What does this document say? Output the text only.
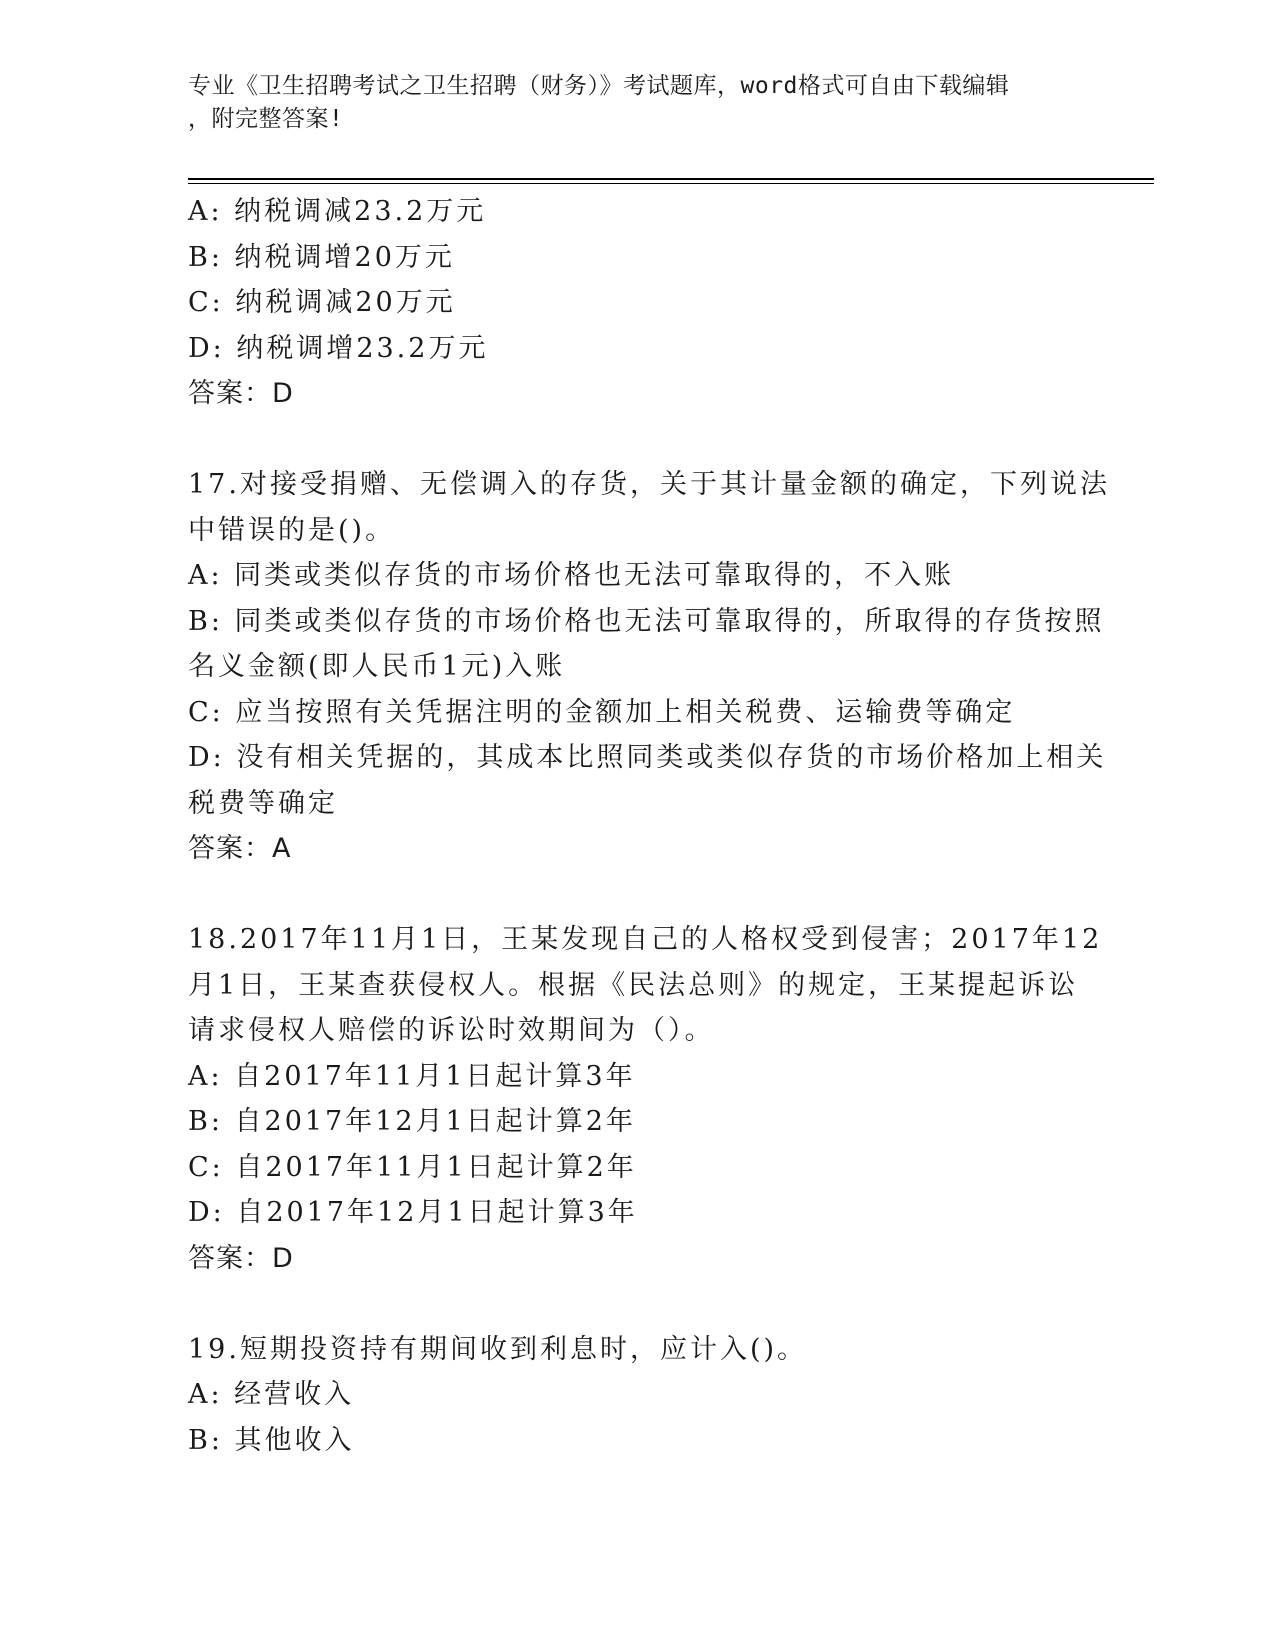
专业《卫生招聘考试之卫生招聘（财务）》考试题库，word格式可自由下载编辑
，附完整答案!
A: 纳税调减23.2万元
B: 纳税调增20万元
C: 纳税调减20万元
D: 纳税调增23.2万元
答案：D
17.对接受捐赠、无偿调入的存货，关于其计量金额的确定，下列说法
中错误的是()。
A: 同类或类似存货的市场价格也无法可靠取得的，不入账
B: 同类或类似存货的市场价格也无法可靠取得的，所取得的存货按照
名义金额(即人民币1元)入账
C: 应当按照有关凭据注明的金额加上相关税费、运输费等确定
D: 没有相关凭据的，其成本比照同类或类似存货的市场价格加上相关
税费等确定
答案：A
18.2017年11月1日，王某发现自己的人格权受到侵害；2017年12
月1日，王某查获侵权人。根据《民法总则》的规定，王某提起诉讼
请求侵权人赔偿的诉讼时效期间为（）。
A: 自2017年11月1日起计算3年
B: 自2017年12月1日起计算2年
C: 自2017年11月1日起计算2年
D: 自2017年12月1日起计算3年
答案：D
19.短期投资持有期间收到利息时，应计入()。
A: 经营收入
B: 其他收入
